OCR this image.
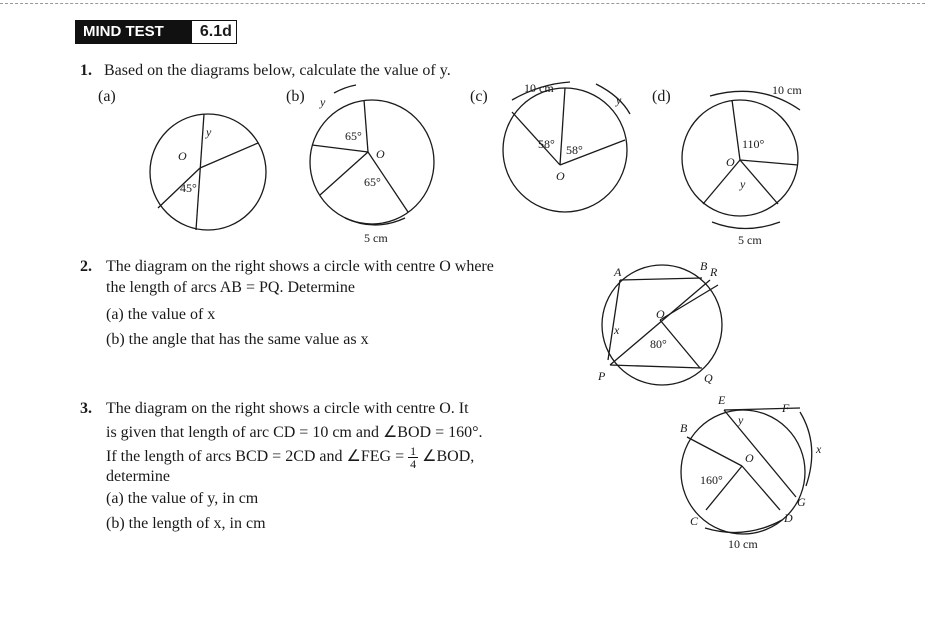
MIND TEST	6.1d
1. Based on the diagrams below, calculate the value of y.
(a)	(b)	(c)	(d)
2. The diagram on the right shows a circle with centre O where
the length of arcs AB = PQ. Determine
(a) the value of x
(b) the angle that has the same value as x
3. The diagram on the right shows a circle with centre O. It
is given that length of arc CD = 10 cm and ∠BOD = 160°.
If the length of arcs BCD = 2CD and ∠FEG = $\frac{1}{4}$ ∠BOD,
determine
(a) the value of y, in cm
(b) the length of x, in cm
O
y
45°
y
65°
O
65°
5 cm
10 cm
y
58° 58°
O
10 cm
110°
O
y
5 cm
A	B R
P	Q
O
x
80°
E
F
B
y
O
x
160°
G
C	D
10 cm
